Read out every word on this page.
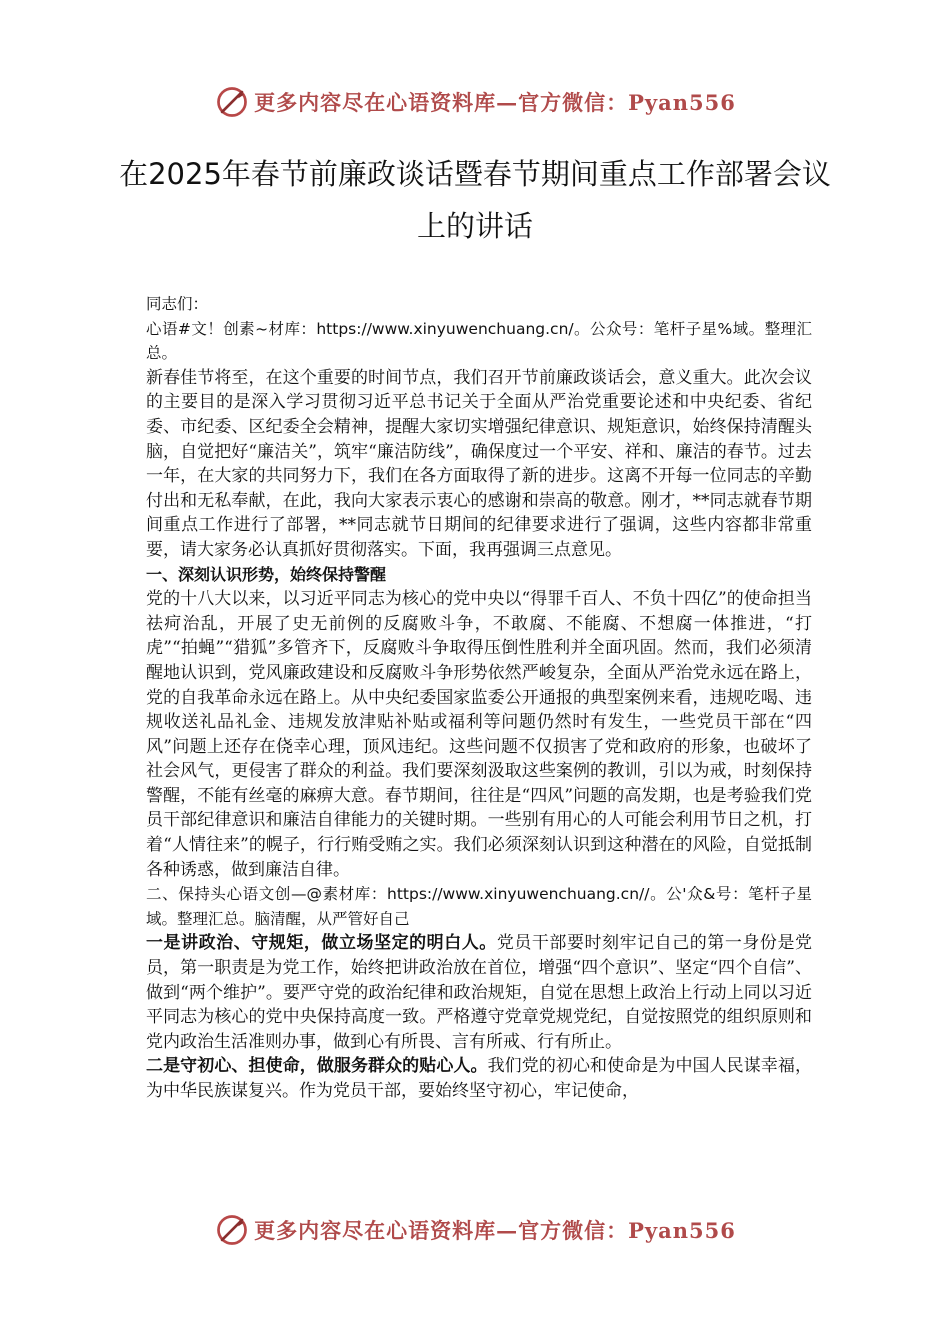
更多内容尽在心语资料库—官方微信：Pyan556
在2025年春节前廉政谈话暨春节期间重点工作部署会议上的讲话

同志们：

心语#文！创素~材库：https://www.xinyuwenchuang.cn/。公众号：笔杆子星%域。整理汇总。

新春佳节将至，在这个重要的时间节点，我们召开节前廉政谈话会，意义重大。此次会议的主要目的是深入学习贯彻习近平总书记关于全面从严治党重要论述和中央纪委、省纪委、市纪委、区纪委全会精神，提醒大家切实增强纪律意识、规矩意识，始终保持清醒头脑，自觉把好“廉洁关”，筑牢“廉洁防线”，确保度过一个平安、祥和、廉洁的春节。过去一年，在大家的共同努力下，我们在各方面取得了新的进步。这离不开每一位同志的辛勤付出和无私奉献，在此，我向大家表示衷心的感谢和崇高的敬意。刚才，**同志就春节期间重点工作进行了部署，**同志就节日期间的纪律要求进行了强调，这些内容都非常重要，请大家务必认真抓好贯彻落实。下面，我再强调三点意见。

一、深刻认识形势，始终保持警醒

党的十八大以来，以习近平同志为核心的党中央以“得罪千百人、不负十四亿”的使命担当祛疴治乱，开展了史无前例的反腐败斗争，不敢腐、不能腐、不想腐一体推进，“打虎”“拍蝇”“猎狐”多管齐下，反腐败斗争取得压倒性胜利并全面巩固。然而，我们必须清醒地认识到，党风廉政建设和反腐败斗争形势依然严峻复杂，全面从严治党永远在路上，党的自我革命永远在路上。从中央纪委国家监委公开通报的典型案例来看，违规吃喝、违规收送礼品礼金、违规发放津贴补贴或福利等问题仍然时有发生，一些党员干部在“四风”问题上还存在侥幸心理，顶风违纪。这些问题不仅损害了党和政府的形象，也破坏了社会风气，更侵害了群众的利益。我们要深刻汲取这些案例的教训，引以为戒，时刻保持警醒，不能有丝毫的麻痹大意。春节期间，往往是“四风”问题的高发期，也是考验我们党员干部纪律意识和廉洁自律能力的关键时期。一些别有用心的人可能会利用节日之机，打着“人情往来”的幌子，行行贿受贿之实。我们必须深刻认识到这种潜在的风险，自觉抵制各种诱惑，做到廉洁自律。

二、保持头心语文创—@素材库：https://www.xinyuwenchuang.cn//。公'众&号：笔杆子星域。整理汇总。脑清醒，从严管好自己

一是讲政治、守规矩，做立场坚定的明白人。党员干部要时刻牢记自己的第一身份是党员，第一职责是为党工作，始终把讲政治放在首位，增强“四个意识”、坚定“四个自信”、做到“两个维护”。要严守党的政治纪律和政治规矩，自觉在思想上政治上行动上同以习近平同志为核心的党中央保持高度一致。严格遵守党章党规党纪，自觉按照党的组织原则和党内政治生活准则办事，做到心有所畏、言有所戒、行有所止。

二是守初心、担使命，做服务群众的贴心人。我们党的初心和使命是为中国人民谋幸福，为中华民族谋复兴。作为党员干部，要始终坚守初心，牢记使命，

更多内容尽在心语资料库—官方微信：Pyan556
